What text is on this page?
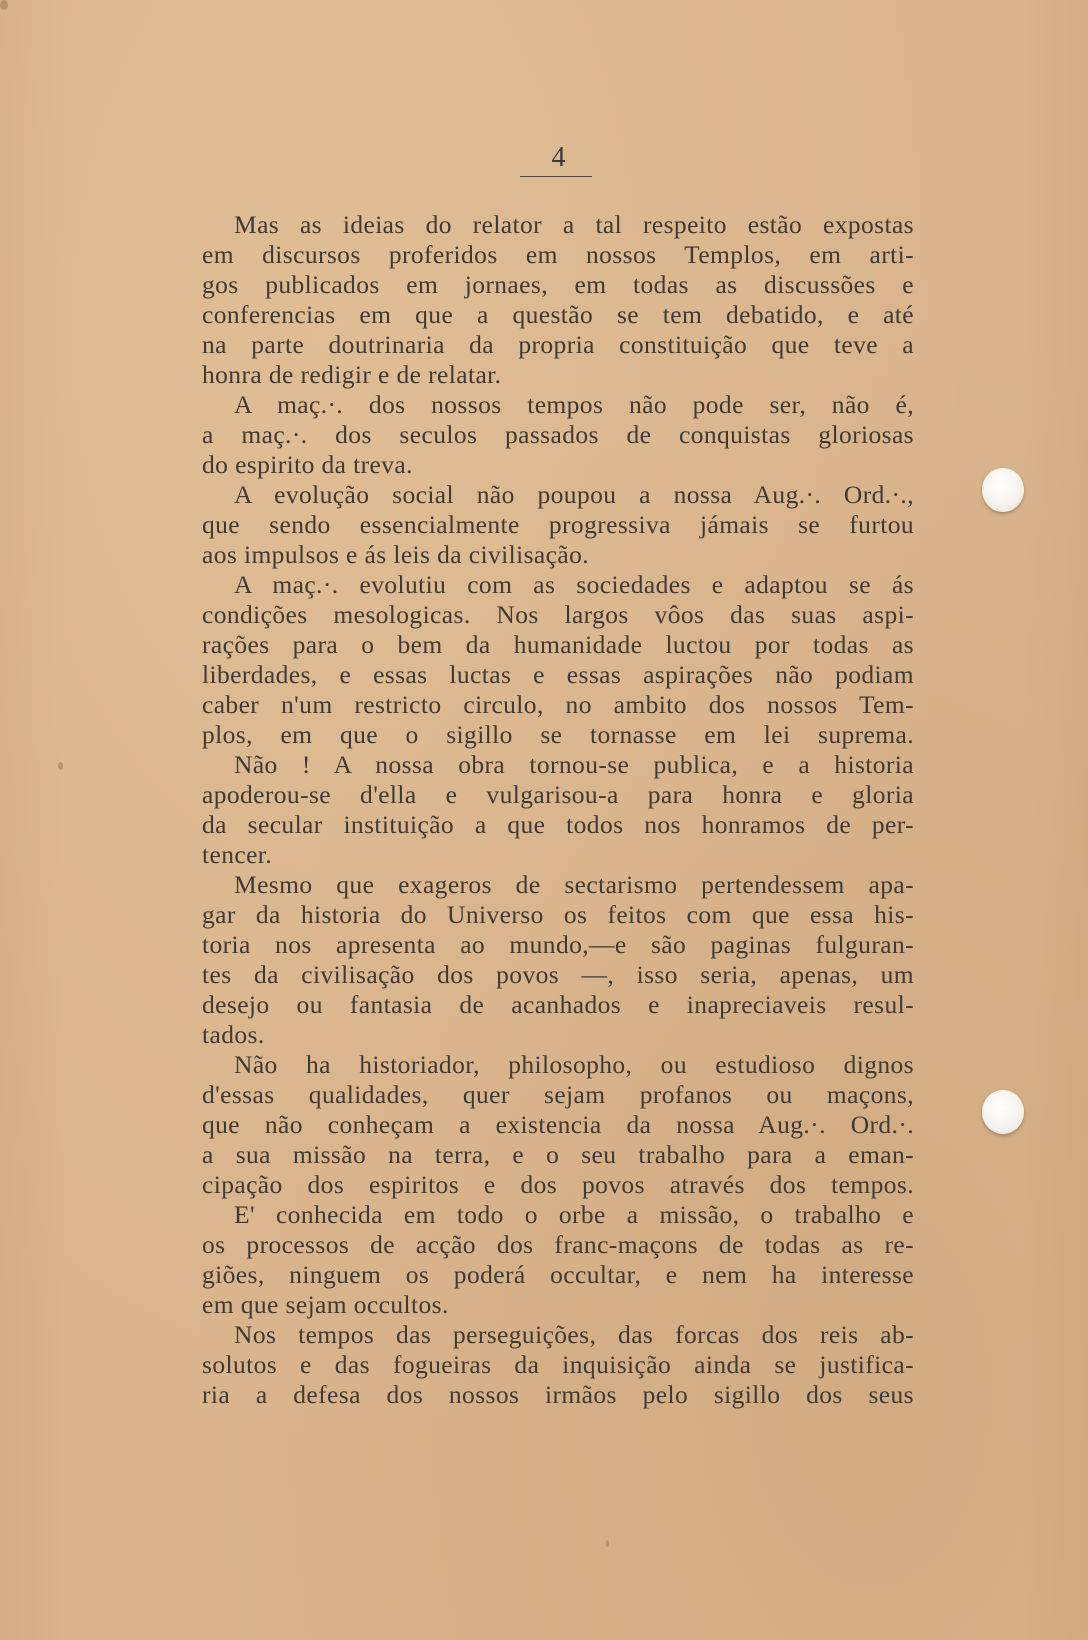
4
Mas as ideias do relator a tal respeito estão expostas
em discursos proferidos em nossos Templos, em arti-
gos publicados em jornaes, em todas as discussões e
conferencias em que a questão se tem debatido, e até
na parte doutrinaria da propria constituição que teve a
honra de redigir e de relatar.
A maç.·. dos nossos tempos não pode ser, não é,
a maç.·. dos seculos passados de conquistas gloriosas
do espirito da treva.
A evolução social não poupou a nossa Aug.·. Ord.·.,
que sendo essencialmente progressiva jámais se furtou
aos impulsos e ás leis da civilisação.
A maç.·. evolutiu com as sociedades e adaptou se ás
condições mesologicas. Nos largos vôos das suas aspi-
rações para o bem da humanidade luctou por todas as
liberdades, e essas luctas e essas aspirações não podiam
caber n'um restricto circulo, no ambito dos nossos Tem-
plos, em que o sigillo se tornasse em lei suprema.
Não ! A nossa obra tornou-se publica, e a historia
apoderou-se d'ella e vulgarisou-a para honra e gloria
da secular instituição a que todos nos honramos de per-
tencer.
Mesmo que exageros de sectarismo pertendessem apa-
gar da historia do Universo os feitos com que essa his-
toria nos apresenta ao mundo,—e são paginas fulguran-
tes da civilisação dos povos —, isso seria, apenas, um
desejo ou fantasia de acanhados e inapreciaveis resul-
tados.
Não ha historiador, philosopho, ou estudioso dignos
d'essas qualidades, quer sejam profanos ou maçons,
que não conheçam a existencia da nossa Aug.·. Ord.·.
a sua missão na terra, e o seu trabalho para a eman-
cipação dos espiritos e dos povos através dos tempos.
E' conhecida em todo o orbe a missão, o trabalho e
os processos de acção dos franc-maçons de todas as re-
giões, ninguem os poderá occultar, e nem ha interesse
em que sejam occultos.
Nos tempos das perseguições, das forcas dos reis ab-
solutos e das fogueiras da inquisição ainda se justifica-
ria a defesa dos nossos irmãos pelo sigillo dos seus
